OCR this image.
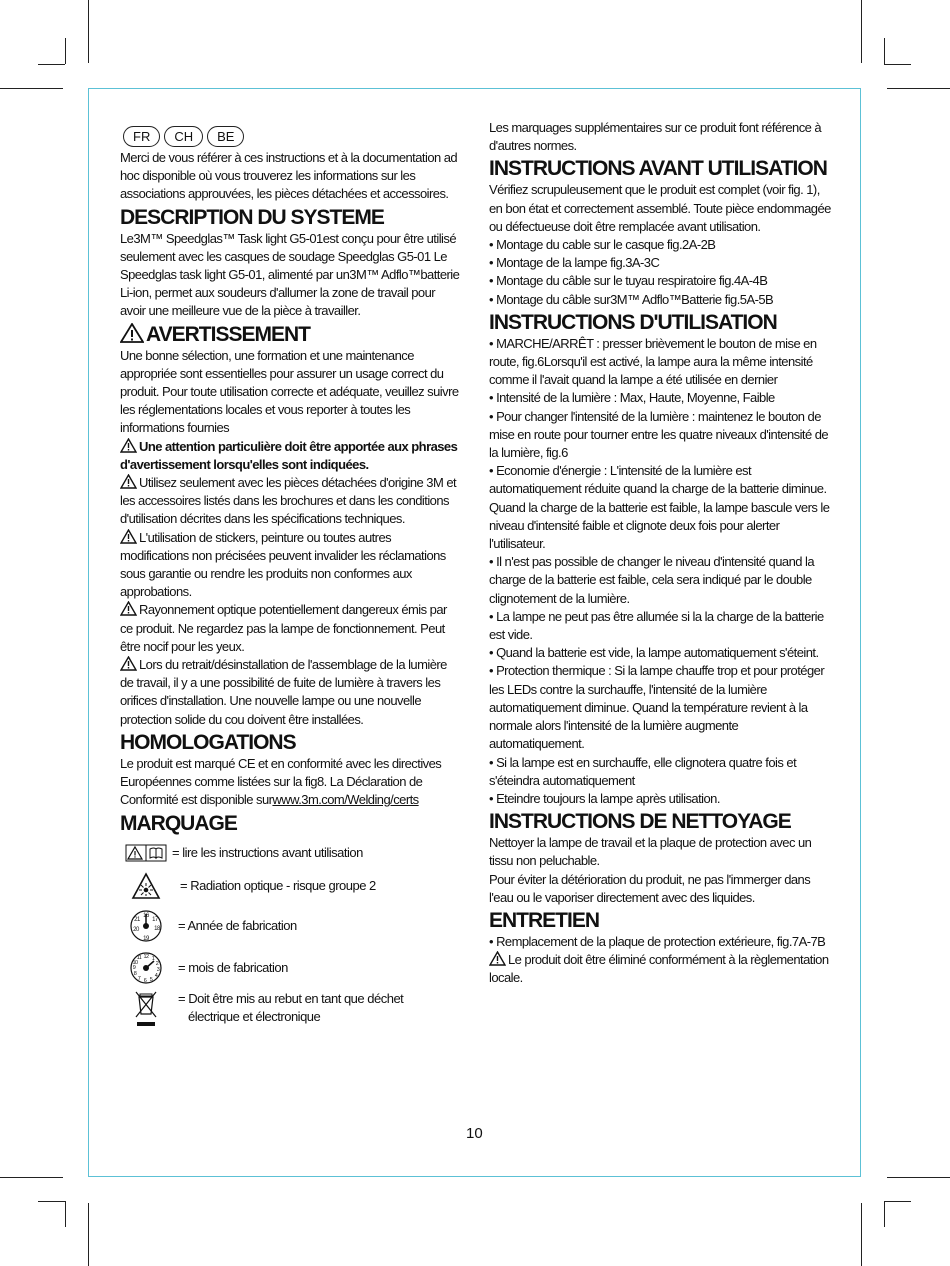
FR	CH	BE

Merci de vous référer à ces instructions et à la documentation ad hoc disponible où vous trouverez les informations sur les associations approuvées, les pièces détachées et accessoires.

DESCRIPTION DU SYSTEME

Le3M™ Speedglas™ Task light G5-01est conçu pour être utilisé seulement avec les casques de soudage Speedglas G5-01 Le Speedglas task light G5-01, alimenté par un3M™ Adflo™batterie Li-ion, permet aux soudeurs d'allumer la zone de travail pour avoir une meilleure vue de la pièce à travailler.

AVERTISSEMENT

Une bonne sélection, une formation et une maintenance appropriée sont essentielles pour assurer un usage correct du produit. Pour toute utilisation correcte et adéquate, veuillez suivre les réglementations locales et vous reporter à toutes les informations fournies

Une attention particulière doit être apportée aux phrases d'avertissement lorsqu'elles sont indiquées.

Utilisez seulement avec les pièces détachées d'origine 3M et les accessoires listés dans les brochures et dans les conditions d'utilisation décrites dans les spécifications techniques.

L'utilisation de stickers, peinture ou toutes autres modifications non précisées peuvent invalider les réclamations sous garantie ou rendre les produits non conformes aux approbations.

Rayonnement optique potentiellement dangereux émis par ce produit. Ne regardez pas la lampe de fonctionnement. Peut être nocif pour les yeux.

Lors du retrait/désinstallation de l'assemblage de la lumière de travail, il y a une possibilité de fuite de lumière à travers les orifices d'installation. Une nouvelle lampe ou une nouvelle protection solide du cou doivent être installées.

HOMOLOGATIONS

Le produit est marqué CE et en conformité avec les directives Européennes comme listées sur la fig8. La Déclaration de Conformité est disponible surwww.3m.com/Welding/certs

MARQUAGE

= lire les instructions avant utilisation
= Radiation optique - risque groupe 2
16
17
18
19
20
21	= Année de fabrication
12 1
2
3
4
5
6
7
8
9
10
11
= mois de fabrication
= Doit être mis au rebut en tant que déchet électrique et électronique

Les marquages supplémentaires sur ce produit font référence à d'autres normes.

INSTRUCTIONS AVANT UTILISATION

Vérifiez scrupuleusement que le produit est complet (voir fig. 1), en bon état et correctement assemblé. Toute pièce endommagée ou défectueuse doit être remplacée avant utilisation.

• Montage du cable sur le casque fig.2A-2B

• Montage de la lampe fig.3A-3C

• Montage du câble sur le tuyau respiratoire fig.4A-4B

• Montage du câble sur3M™ Adflo™Batterie fig.5A-5B

INSTRUCTIONS D'UTILISATION

• MARCHE/ARRÊT : presser brièvement le bouton de mise en route, fig.6Lorsqu'il est activé, la lampe aura la même intensité comme il l'avait quand la lampe a été utilisée en dernier

• Intensité de la lumière : Max, Haute, Moyenne, Faible

• Pour changer l'intensité de la lumière : maintenez le bouton de mise en route pour tourner entre les quatre niveaux d'intensité de la lumière, fig.6

• Economie d'énergie : L'intensité de la lumière est automatiquement réduite quand la charge de la batterie diminue. Quand la charge de la batterie est faible, la lampe bascule vers le niveau d'intensité faible et clignote deux fois pour alerter l'utilisateur.

• Il n'est pas possible de changer le niveau d'intensité quand la charge de la batterie est faible, cela sera indiqué par le double clignotement de la lumière.

• La lampe ne peut pas être allumée si la la charge de la batterie est vide.

• Quand la batterie est vide, la lampe automatiquement s'éteint.

• Protection thermique : Si la lampe chauffe trop et pour protéger les LEDs contre la surchauffe, l'intensité de la lumière automatiquement diminue. Quand la température revient à la normale alors l'intensité de la lumière augmente automatiquement.

• Si la lampe est en surchauffe, elle clignotera quatre fois et s'éteindra automatiquement

• Eteindre toujours la lampe après utilisation.

INSTRUCTIONS DE NETTOYAGE

Nettoyer la lampe de travail et la plaque de protection avec un tissu non peluchable.

Pour éviter la détérioration du produit, ne pas l'immerger dans l'eau ou le vaporiser directement avec des liquides.

ENTRETIEN

• Remplacement de la plaque de protection extérieure, fig.7A-7B

Le produit doit être éliminé conformément à la règlementation locale.

10
